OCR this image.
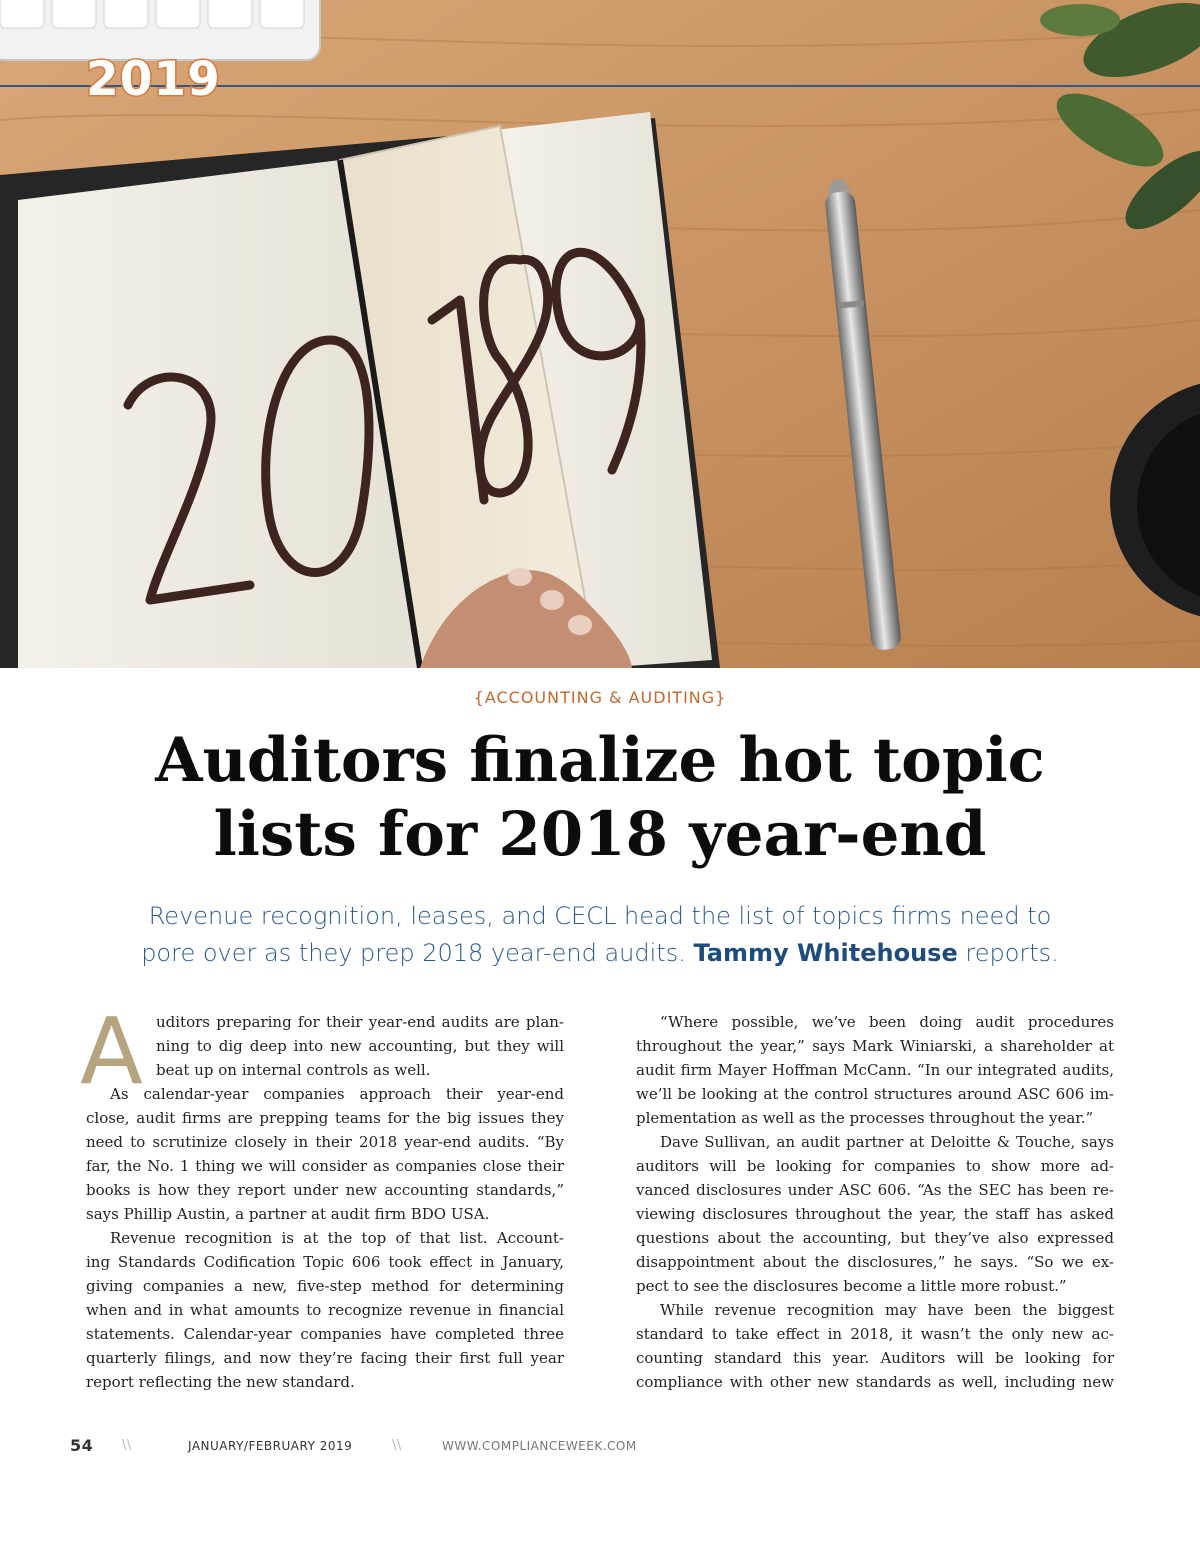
2019
{ACCOUNTING & AUDITING}
Auditors finalize hot topic
lists for 2018 year-end
Revenue recognition, leases, and CECL head the list of topics firms need to
pore over as they prep 2018 year-end audits. Tammy Whitehouse reports.
A uditors preparing for their year-end audits are plan-
ning to dig deep into new accounting, but they will
beat up on internal controls as well.
As calendar-year companies approach their year-end
close, audit firms are prepping teams for the big issues they
need to scrutinize closely in their 2018 year-end audits. “By
far, the No. 1 thing we will consider as companies close their
books is how they report under new accounting standards,”
says Phillip Austin, a partner at audit firm BDO USA.
Revenue recognition is at the top of that list. Account-
ing Standards Codification Topic 606 took effect in January,
giving companies a new, five-step method for determining
when and in what amounts to recognize revenue in financial
statements. Calendar-year companies have completed three
quarterly filings, and now they’re facing their first full year
report reflecting the new standard.
“Where possible, we’ve been doing audit procedures
throughout the year,” says Mark Winiarski, a shareholder at
audit firm Mayer Hoffman McCann. “In our integrated audits,
we’ll be looking at the control structures around ASC 606 im-
plementation as well as the processes throughout the year.”
Dave Sullivan, an audit partner at Deloitte & Touche, says
auditors will be looking for companies to show more ad-
vanced disclosures under ASC 606. “As the SEC has been re-
viewing disclosures throughout the year, the staff has asked
questions about the accounting, but they’ve also expressed
disappointment about the disclosures,” he says. “So we ex-
pect to see the disclosures become a little more robust.”
While revenue recognition may have been the biggest
standard to take effect in 2018, it wasn’t the only new ac-
counting standard this year. Auditors will be looking for
compliance with other new standards as well, including new
54 \\	JANUARY/FEBRUARY 2019	\\	WWW.COMPLIANCEWEEK.COM
